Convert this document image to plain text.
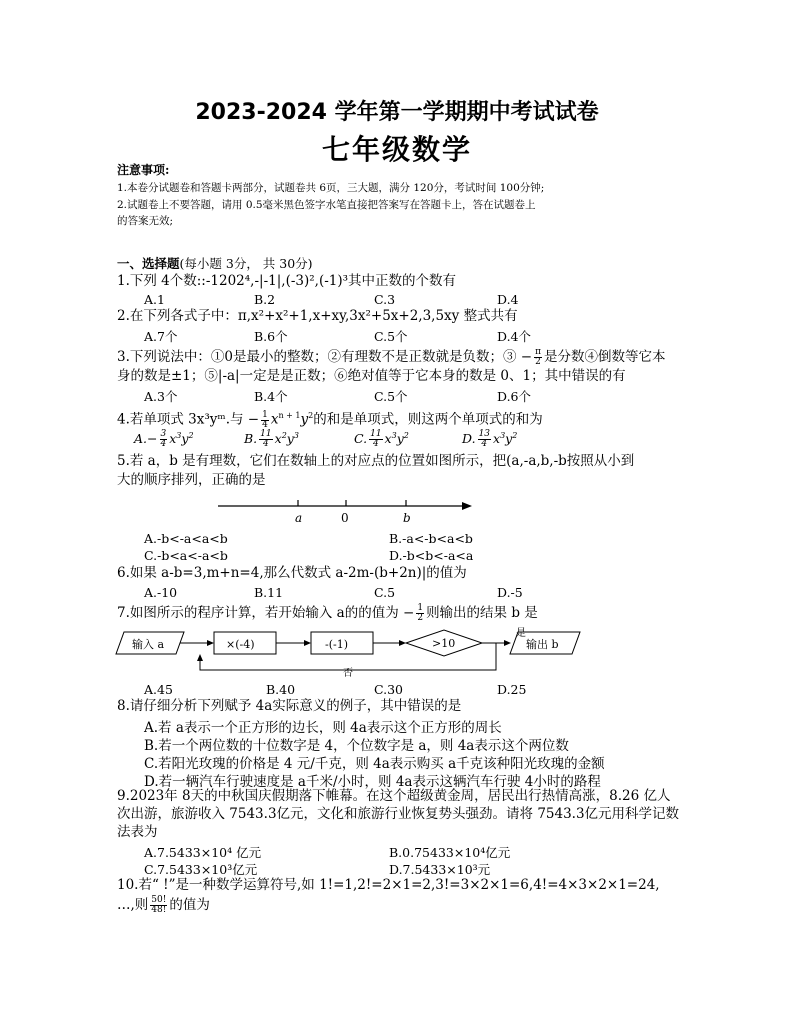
2023-2024 学年第一学期期中考试试卷
七年级数学
注意事项:
1.本卷分试题卷和答题卡两部分，试题卷共 6页，三大题，满分 120分，考试时间 100分钟;
2.试题卷上不要答题，请用 0.5毫米黑色签字水笔直接把答案写在答题卡上，答在试题卷上
的答案无效;
一、选择题(每小题 3分， 共 30分)
1.下列 4个数::-1202⁴,-|-1|,(-3)²,(-1)³其中正数的个数有
A.1	B.2	C.3	D.4
2.在下列各式子中：π,x²+x²+1,x+xy,3x²+5x+2,3,5xy 整式共有
A.7个	B.6个	C.5个	D.4个
3.下列说法中：①0是最小的整数；②有理数不是正数就是负数；③ − $\frac{\pi}{2}$ 是分数④倒数等它本
身的数是±1；⑤|-a|一定是是正数；⑥绝对值等于它本身的数是 0、1；其中错误的有
A.3个	B.4个	C.5个	D.6个
4.若单项式 3x³yᵐ.与 − $\frac{1}{4} x^{n + 1}y^2$的和是单项式，则这两个单项式的和为
$A.- \frac{3}{4} x^3y^2$	B. $\frac{11}{4} x^2y^3$	C. $\frac{11}{4} x^3y^2$	D. $\frac{13}{4} x^3y^2$
5.若 a，b 是有理数，它们在数轴上的对应点的位置如图所示，把(a,-a,b,-b按照从小到
大的顺序排列，正确的是
a	0	b
A.-b<-a<a<b	B.-a<-b<a<b
C.-b<a<-a<b	D.-b<b<-a<a
6.如果 a-b=3,m+n=4,那么代数式 a-2m-(b+2n)|的值为
A.-10	B.11	C.5	D.-5
7.如图所示的程序计算，若开始输入 a的的值为 − $\frac{1}{2}$ 则输出的结果 b 是
输入 a	×(-4)	-(-1)	>10
是
输出 b
否
A.45	B.40	C.30	D.25
8.请仔细分析下列赋予 4a实际意义的例子，其中错误的是
A.若 a表示一个正方形的边长，则 4a表示这个正方形的周长
B.若一个两位数的十位数字是 4，个位数字是 a，则 4a表示这个两位数
C.若阳光玫瑰的价格是 4 元/千克，则 4a表示购买 a千克该种阳光玫瑰的金额
D.若一辆汽车行驶速度是 a千米/小时，则 4a表示这辆汽车行驶 4小时的路程
9.2023年 8天的中秋国庆假期落下帷幕。在这个超级黄金周，居民出行热情高涨，8.26 亿人
次出游，旅游收入 7543.3亿元，文化和旅游行业恢复势头强劲。请将 7543.3亿元用科学记数
法表为
A.7.5433×10⁴ 亿元	B.0.75433×10⁴亿元
C.7.5433×10³亿元	D.7.5433×10³元
10.若“ !”是一种数学运算符号,如 1!=1,2!=2×1=2,3!=3×2×1=6,4!=4×3×2×1=24,
…,则 $\frac{50!}{48!}$ 的值为
